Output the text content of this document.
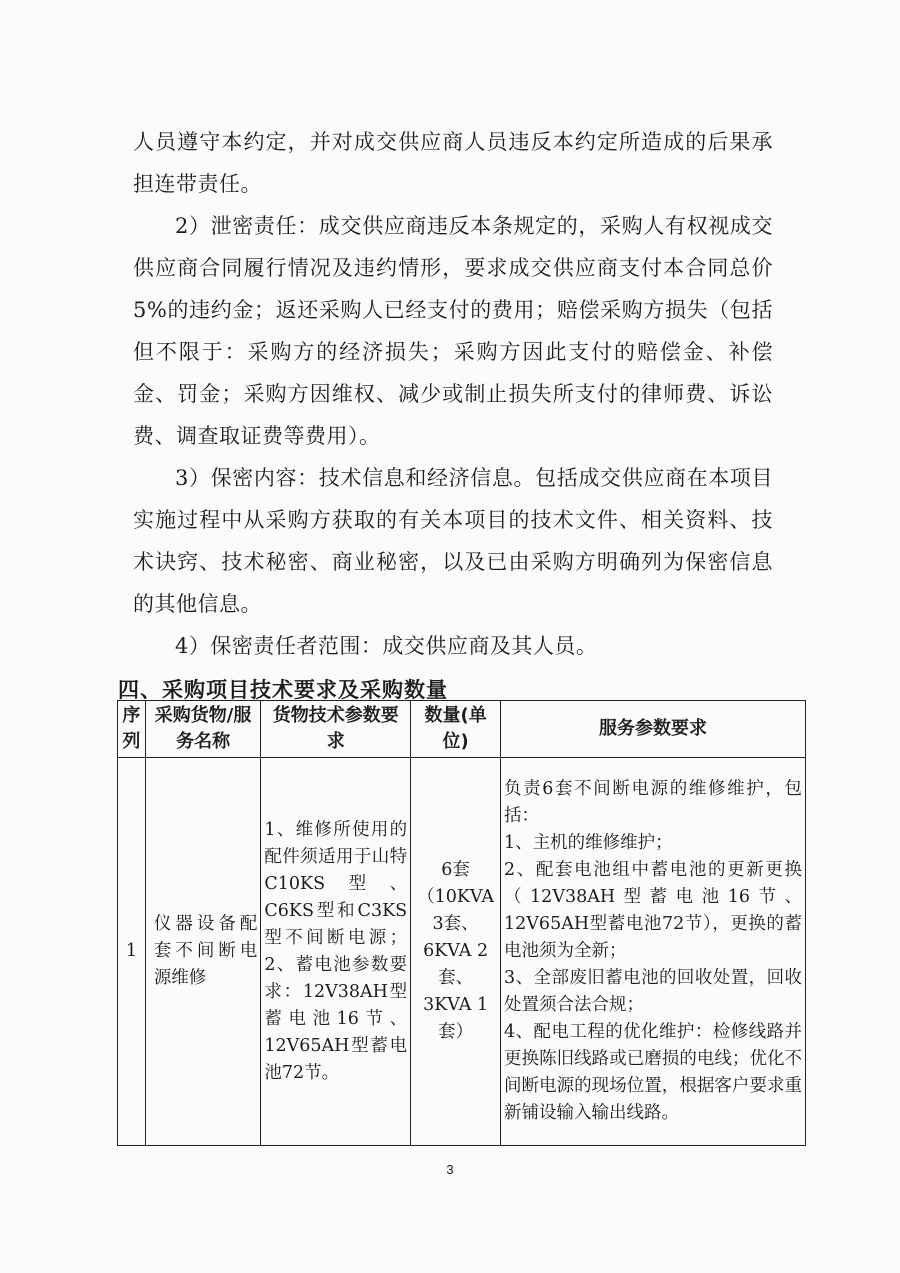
人员遵守本约定，并对成交供应商人员违反本约定所造成的后果承担连带责任。
2）泄密责任：成交供应商违反本条规定的，采购人有权视成交供应商合同履行情况及违约情形，要求成交供应商支付本合同总价5%的违约金；返还采购人已经支付的费用；赔偿采购方损失（包括但不限于：采购方的经济损失；采购方因此支付的赔偿金、补偿金、罚金；采购方因维权、减少或制止损失所支付的律师费、诉讼费、调查取证费等费用）。
3）保密内容：技术信息和经济信息。包括成交供应商在本项目实施过程中从采购方获取的有关本项目的技术文件、相关资料、技术诀窍、技术秘密、商业秘密，以及已由采购方明确列为保密信息的其他信息。
4）保密责任者范围：成交供应商及其人员。
四、采购项目技术要求及采购数量
序列	采购货物/服务名称	货物技术参数要求	数量(单位)	服务参数要求
1	仪器设备配套不间断电源维修	1、维修所使用的配件须适用于山特C10KS型、C6KS型和C3KS型不间断电源；2、蓄电池参数要求：12V38AH型蓄电池16节、12V65AH型蓄电池72节。	6套（10KVA 3套、6KVA 2套、3KVA 1套）	负责6套不间断电源的维修维护，包括：
1、主机的维修维护；
2、配套电池组中蓄电池的更新更换（12V38AH型蓄电池16节、12V65AH型蓄电池72节），更换的蓄电池须为全新；
3、全部废旧蓄电池的回收处置，回收处置须合法合规；
4、配电工程的优化维护：检修线路并更换陈旧线路或已磨损的电线；优化不间断电源的现场位置，根据客户要求重新铺设输入输出线路。
3
